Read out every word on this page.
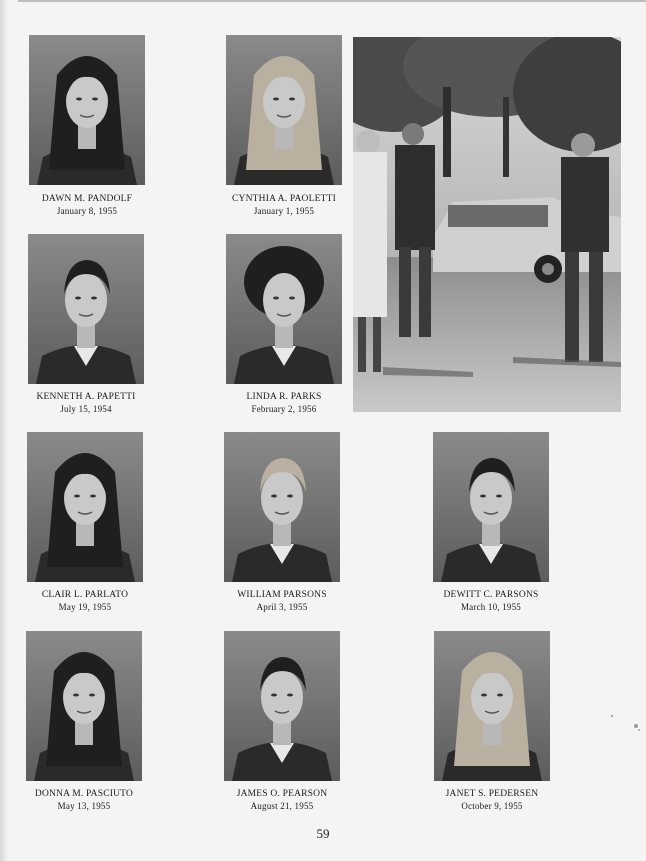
DAWN M. PANDOLF
January 8, 1955
CYNTHIA A. PAOLETTI
January 1, 1955
KENNETH A. PAPETTI
July 15, 1954
LINDA R. PARKS
February 2, 1956
CLAIR L. PARLATO
May 19, 1955
WILLIAM PARSONS
April 3, 1955
DEWITT C. PARSONS
March 10, 1955
DONNA M. PASCIUTO
May 13, 1955
JAMES O. PEARSON
August 21, 1955
JANET S. PEDERSEN
October 9, 1955
59
